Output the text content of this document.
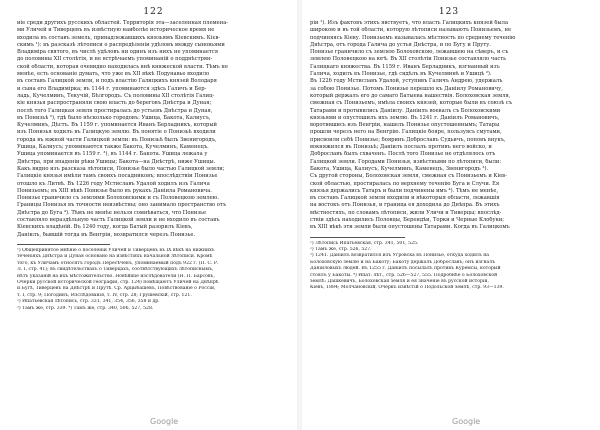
122
иіе среди другихъ русскихъ областей. Территорія эта—заселенная племена-
ми Уличей и Тиверцевъ въ извѣстную наиболѣе историческое время не
входила въ составъ земель, принадлежавшихъ князьямъ Кіевскимъ. Кієв-
скимъ ¹): въ разсказѣ лѣтописи о распредѣленіи удѣловъ между сыновьями
Владиміра святого, въ числѣ удѣловъ ни одинъ изъ нихъ не упоминается
до половины XII столѣтія, и не встрѣчаемъ упоминаній о подднѣстрян-
ской области, которая очевидно находилась внѣ княжеской власти. Тѣмъ не
менѣе, есть основаніе думать, что уже въ XII вѣкѣ Подунавье входило
въ составъ Галицкой земли, и подъ властію Галицкихъ князей Володаря
и сына его Владимірка; въ 1144 г. упоминаются здѣсь Галичъ и Бер-
ладь, Кучелминъ, Текучій, Бѣлгородъ. Съ половины XII столѣтія Галиц-
кіе князья распространяли свою власть до береговъ Днѣстра и Дуная;
послѣ того Галицкая земля простиралась до устьевъ Днѣстра и Дуная,
въ Понизьѣ ²), гдѣ было нѣсколько городовъ: Ушица, Бакота, Калиусъ,
Кучелминъ, Дѣстъ. Въ 1159 г. упоминается Иванъ Берладникъ, который
изъ Понизья ходилъ въ Галицкую землю. Въ понятіе о Понизьѣ входили
города въ южной части Галицкой земли: въ Понизьѣ былъ Звенигородъ,
Ушица, Калиусъ; упоминаются также Бакота, Кучелминъ, Каменецъ.
Ушица упоминается въ 1159 г. ³), въ 1144 г. Бакота. Ушица лежала у
Днѣстра, при впаденіи рѣки Ушицы; Бакота—на Днѣстрѣ, ниже Ушицы.
Какъ видно изъ разсказа лѣтописи, Понизье было частью Галицкой земли;
Галицкіе князья имѣли тамъ своихъ посадниковъ; впослѣдствіи Понизье
отошло къ Литвѣ. Въ 1226 году Мстиславъ Удалой ходилъ изъ Галича
Понизьемъ; въ XIII вѣкѣ Понизье было въ рукахъ Даніила Романовича.
Понизье граничило съ землями Болоховскими и съ Половецкою землею.
Границы Понизья въ точности неизвѣстны; оно занимало пространство отъ
Днѣстра до Буга ⁴). Тѣмъ не менѣе нельзя сомнѣваться, что Понизье
составляло нераздѣльную часть Галицкой земли и не входило въ составъ
Кіевскихъ владѣній. Въ 1240 году, когда Батый разорилъ Кіевъ,
Даніилъ, бывшій тогда въ Венгріи, возвратился черезъ Понизье.
¹) Общепринятое мнѣніе о поселеніи Уличей и Тиверцевъ въ IX вѣкѣ на нижнихъ
теченіяхъ Днѣстра и Дуная основано на извѣстіяхъ начальной лѣтописи. Кромѣ
того, къ Уличамъ относятъ городъ Пересѣченъ, упоминаемый подъ 922 г. (П. С. Р.
Л. I, стр. 41); въ свидѣтельствахъ о Тиверцахъ, соотвѣтствующихъ лѣтописнымъ,
нѣтъ указаній на ихъ мѣстожительство. Новѣйшіе изслѣдователи (Н. П. Барсовъ,
Очерки русской исторической географіи, стр. 124) помѣщаютъ Уличей на Днѣпрѣ
и Бугѣ, Тиверцевъ на Днѣстрѣ и Прутѣ. Ср. Арцыбашевъ, Повѣствованіе о Россіи,
т. I, стр. 9; Погодинъ, Изслѣдованія, т. IV, стр. 28; Грушевскій, стр. 121.
²) Ипатьевская лѣтопись, стр. 331, 341, 354, 356, 358 и др.
³) Тамъ же, стр. 339. ⁴) Тамъ же, стр. 340, 506, 527, 528.
Google
123
ріи ¹). Изъ фактовъ этихъ явствуетъ, что власть Галицкихъ князей была
широкою и въ той области, которую лѣтописи называютъ Понизьемъ, не
подчиняясь Кіеву. Понизьемъ называлась мѣстность по среднему теченію
Днѣстра, отъ города Галича до устья Днѣстра, и по Бугу и Пруту.
Понизье граничило съ землею Болоховскою, лежавшею на сѣверъ, и съ
землею Половецкою на югѣ. Въ XII столѣтіи Понизье составляло часть
Галицкаго княжества. Въ 1159 г. Иванъ Берладникъ, изгнанный изъ
Галича, ходилъ въ Понизье, гдѣ сидѣлъ въ Кучелминѣ и Ушицѣ ²).
Въ 1226 году Мстиславъ Удалой, уступивъ Галичъ Андрею, удержалъ
за собою Понизье. Потомъ Понизье перешло къ Даніилу Романовичу,
который держалъ его до самаго Батыева нашествія. Болоховская земля,
смежная съ Понизьемъ, имѣла своихъ князей, которые были въ союзѣ съ
Татарами и противились Даніилу. Даніилъ воевалъ съ Болоховскими
князьями и опустошилъ ихъ землю. Въ 1241 г. Даніилъ Романовичъ,
воротившись изъ Венгріи, нашелъ Понизье опустошеннымъ; Татары
прошли черезъ него на Венгрію. Галицкіе бояре, пользуясь смутами,
присвоили себѣ Понизье; бояринъ Доброславъ Судьичъ, поповъ внукъ,
вокняжился въ Понизьѣ; Даніилъ послалъ противъ него войско, и
Доброславъ былъ схваченъ. Послѣ того Понизье не отдѣлялось отъ
Галицкой земли. Городами Понизья, извѣстными по лѣтописи, были:
Бакота, Ушица, Калиусъ, Кучелминъ, Каменецъ, Звенигородъ ³).
Съ другой стороны, Болоховская земля, смежная съ Понизьемъ и Кіев-
ской областью, простиралась по верхнему теченію Буга и Случи. Ея
князья держались Татаръ и были подчинены имъ ⁴). Тѣмъ не менѣе,
въ составъ Галицкой земли входили и нѣкоторыя области, лежавшія
на востокъ отъ Понизья, и граница ея доходила до Днѣпра. Въ этихъ
мѣстностяхъ, по словамъ лѣтописи, жили Уличи и Тиверцы; впослѣд-
ствіи здѣсь находились Половцы, Берендѣи, Торки и Черные Клобуки;
въ XIII вѣкѣ эти земли были опустошены Татарами. Когда въ Галицкомъ
¹) Лѣтопись Ипатьевская, стр. 341, 501, 525.
²) Тамъ же, стр. 526, 527.
³) 1241. Даніилъ возвратился изъ Угровска въ Понизье, откуда ходилъ на
Болоховскую землю и на Бакоту; Бакоту держалъ Доброславъ; онъ изгналъ
Даніиловыхъ людей. Въ 1255 г. Даніилъ посылалъ противъ Куремсы, который
стоялъ у Бакоты. ⁴) Ипат. лѣт., стр. 526—527, 555. Подробнѣе о Болоховской
землѣ: Дашкевичъ, Болоховская земля и ея значеніе въ русской исторіи,
Кіевъ, 1884; Молчановскій, Очеркъ извѣстій о Подольской землѣ, стр. 93—139.
Google
